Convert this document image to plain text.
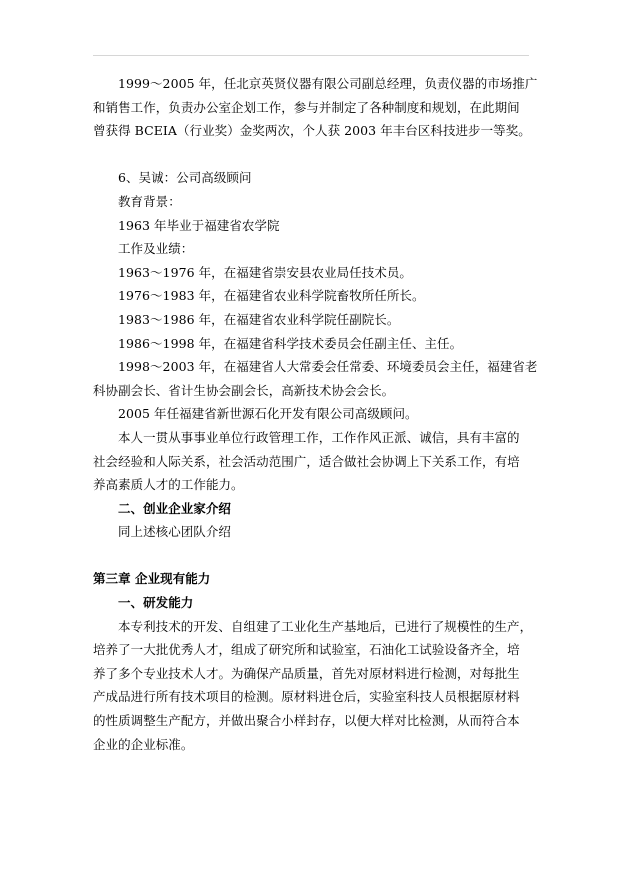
1999～2005 年，任北京英贤仪器有限公司副总经理，负责仪器的市场推广
和销售工作，负责办公室企划工作，参与并制定了各种制度和规划，在此期间
曾获得 BCEIA（行业奖）金奖两次，个人获 2003 年丰台区科技进步一等奖。
6、吴诚：公司高级顾问
教育背景：
1963 年毕业于福建省农学院
工作及业绩：
1963～1976 年，在福建省崇安县农业局任技术员。
1976～1983 年，在福建省农业科学院畜牧所任所长。
1983～1986 年，在福建省农业科学院任副院长。
1986～1998 年，在福建省科学技术委员会任副主任、主任。
1998～2003 年，在福建省人大常委会任常委、环境委员会主任，福建省老
科协副会长、省计生协会副会长，高新技术协会会长。
2005 年任福建省新世源石化开发有限公司高级顾问。
本人一贯从事事业单位行政管理工作，工作作风正派、诚信，具有丰富的
社会经验和人际关系，社会活动范围广，适合做社会协调上下关系工作，有培
养高素质人才的工作能力。
二、创业企业家介绍
同上述核心团队介绍
第三章 企业现有能力
一、研发能力
本专利技术的开发、自组建了工业化生产基地后，已进行了规模性的生产，
培养了一大批优秀人才，组成了研究所和试验室，石油化工试验设备齐全，培
养了多个专业技术人才。为确保产品质量，首先对原材料进行检测，对每批生
产成品进行所有技术项目的检测。原材料进仓后，实验室科技人员根据原材料
的性质调整生产配方，并做出聚合小样封存，以便大样对比检测，从而符合本
企业的企业标准。
